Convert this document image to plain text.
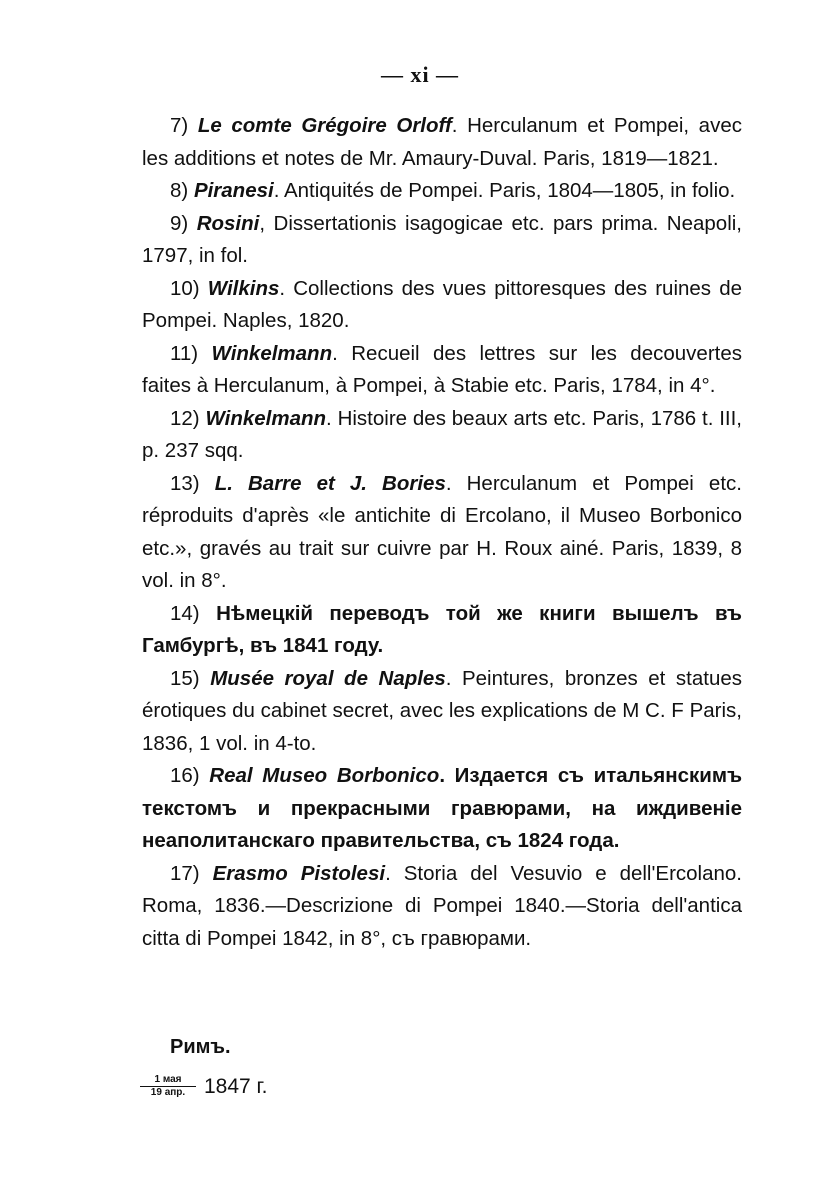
— xi —

7) Le comte Grégoire Orloff. Herculanum et Pompei, avec les additions et notes de Mr. Amaury-Duval. Paris, 1819—1821.

8) Piranesi. Antiquités de Pompei. Paris, 1804—1805, in folio.

9) Rosini, Dissertationis isagogicae etc. pars prima. Neapoli, 1797, in fol.

10) Wilkins. Collections des vues pittoresques des ruines de Pompei. Naples, 1820.

11) Winkelmann. Recueil des lettres sur les decouvertes faites à Herculanum, à Pompei, à Stabie etc. Paris, 1784, in 4°.

12) Winkelmann. Histoire des beaux arts etc. Paris, 1786 t. III, p. 237 sqq.

13) L. Barre et J. Bories. Herculanum et Pompei etc. réproduits d'après «le antichite di Ercolano, il Museo Borbonico etc.», gravés au trait sur cuivre par H. Roux ainé. Paris, 1839, 8 vol. in 8°.

14) Нѣмецкій переводъ той же книги вышелъ въ Гамбургѣ, въ 1841 году.

15) Musée royal de Naples. Peintures, bronzes et statues érotiques du cabinet secret, avec les explications de M C. F Paris, 1836, 1 vol. in 4-to.

16) Real Museo Borbonico. Издается съ итальянскимъ текстомъ и прекрасными гравюрами, на иждивеніе неаполитанскаго правительства, съ 1824 года.

17) Erasmo Pistolesi. Storia del Vesuvio e dell'Ercolano. Roma, 1836.—Descrizione di Pompei 1840.—Storia dell'antica citta di Pompei 1842, in 8°, съ гравюрами.

Римъ.
$\frac{\text{1 мая}}{\text{19 апр.}} 1847$ г.
